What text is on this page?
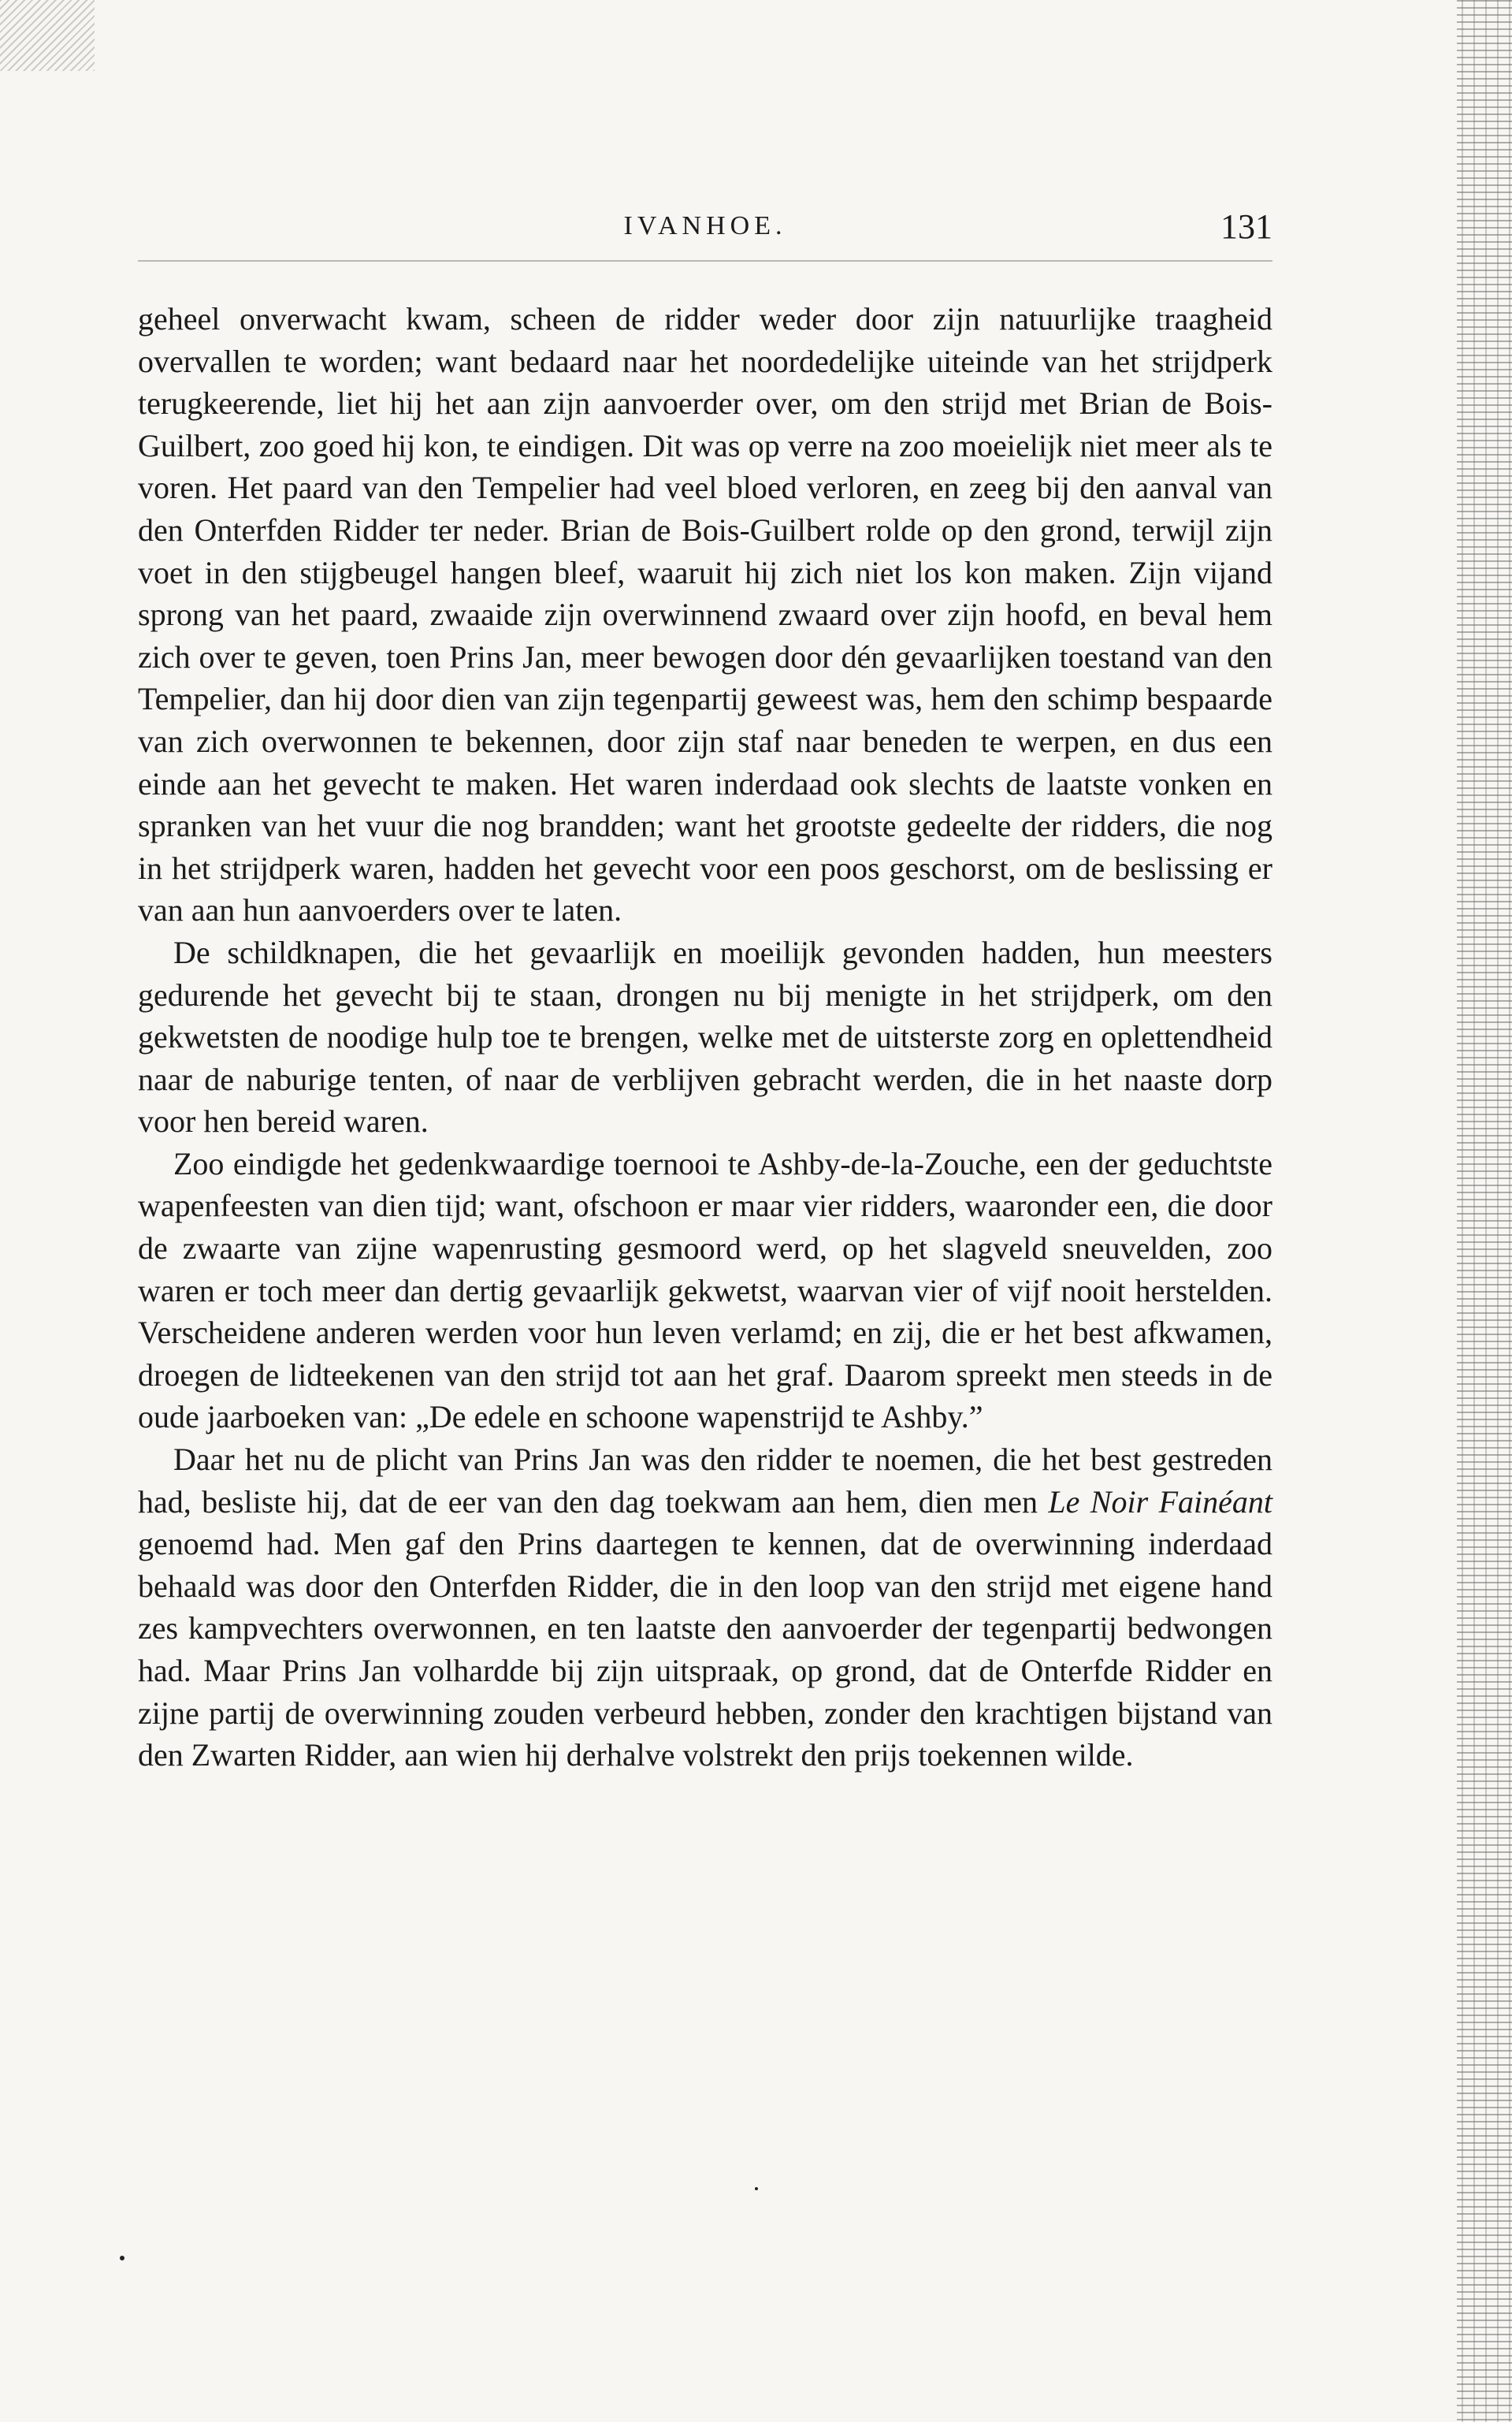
IVANHOE.	131

geheel onverwacht kwam, scheen de ridder weder door zijn natuurlijke traagheid overvallen te worden; want bedaard naar het noordedelijke uiteinde van het strijdperk terugkeerende, liet hij het aan zijn aanvoerder over, om den strijd met Brian de Bois-Guilbert, zoo goed hij kon, te eindigen. Dit was op verre na zoo moeielijk niet meer als te voren. Het paard van den Tempelier had veel bloed verloren, en zeeg bij den aanval van den Onterfden Ridder ter neder. Brian de Bois-Guilbert rolde op den grond, terwijl zijn voet in den stijgbeugel hangen bleef, waaruit hij zich niet los kon maken. Zijn vijand sprong van het paard, zwaaide zijn overwinnend zwaard over zijn hoofd, en beval hem zich over te geven, toen Prins Jan, meer bewogen door dén gevaarlijken toestand van den Tempelier, dan hij door dien van zijn tegenpartij geweest was, hem den schimp bespaarde van zich overwonnen te bekennen, door zijn staf naar beneden te werpen, en dus een einde aan het gevecht te maken. Het waren inderdaad ook slechts de laatste vonken en spranken van het vuur die nog brandden; want het grootste gedeelte der ridders, die nog in het strijdperk waren, hadden het gevecht voor een poos geschorst, om de beslissing er van aan hun aanvoerders over te laten.

De schildknapen, die het gevaarlijk en moeilijk gevonden hadden, hun meesters gedurende het gevecht bij te staan, drongen nu bij menigte in het strijdperk, om den gekwetsten de noodige hulp toe te brengen, welke met de uitsterste zorg en oplettendheid naar de naburige tenten, of naar de verblijven gebracht werden, die in het naaste dorp voor hen bereid waren.

Zoo eindigde het gedenkwaardige toernooi te Ashby-de-la-Zouche, een der geduchtste wapenfeesten van dien tijd; want, ofschoon er maar vier ridders, waaronder een, die door de zwaarte van zijne wapenrusting gesmoord werd, op het slagveld sneuvelden, zoo waren er toch meer dan dertig gevaarlijk gekwetst, waarvan vier of vijf nooit herstelden. Verscheidene anderen werden voor hun leven verlamd; en zij, die er het best afkwamen, droegen de lidteekenen van den strijd tot aan het graf. Daarom spreekt men steeds in de oude jaarboeken van: „De edele en schoone wapenstrijd te Ashby.”

Daar het nu de plicht van Prins Jan was den ridder te noemen, die het best gestreden had, besliste hij, dat de eer van den dag toekwam aan hem, dien men Le Noir Fainéant genoemd had. Men gaf den Prins daartegen te kennen, dat de overwinning inderdaad behaald was door den Onterfden Ridder, die in den loop van den strijd met eigene hand zes kampvechters overwonnen, en ten laatste den aanvoerder der tegenpartij bedwongen had. Maar Prins Jan volhardde bij zijn uitspraak, op grond, dat de Onterfde Ridder en zijne partij de overwinning zouden verbeurd hebben, zonder den krachtigen bijstand van den Zwarten Ridder, aan wien hij derhalve volstrekt den prijs toekennen wilde.
